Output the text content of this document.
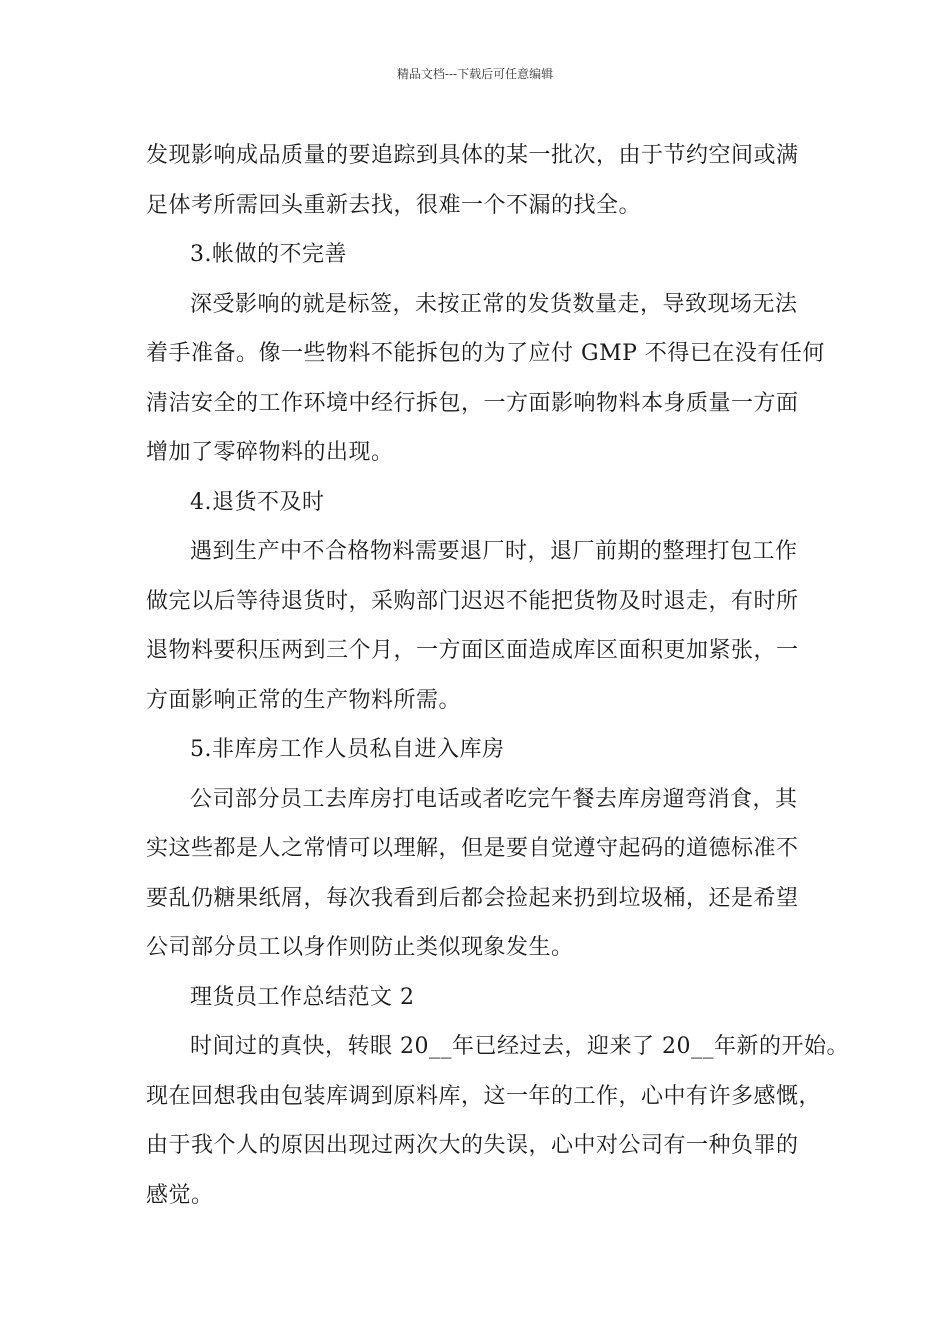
精品文档---下载后可任意编辑

发现影响成品质量的要追踪到具体的某一批次，由于节约空间或满

足体考所需回头重新去找，很难一个不漏的找全。

3.帐做的不完善

深受影响的就是标签，未按正常的发货数量走，导致现场无法

着手准备。像一些物料不能拆包的为了应付 GMP 不得已在没有任何

清洁安全的工作环境中经行拆包，一方面影响物料本身质量一方面

增加了零碎物料的出现。

4.退货不及时

遇到生产中不合格物料需要退厂时，退厂前期的整理打包工作

做完以后等待退货时，采购部门迟迟不能把货物及时退走，有时所

退物料要积压两到三个月，一方面区面造成库区面积更加紧张，一

方面影响正常的生产物料所需。

5.非库房工作人员私自进入库房

公司部分员工去库房打电话或者吃完午餐去库房遛弯消食，其

实这些都是人之常情可以理解，但是要自觉遵守起码的道德标准不

要乱仍糖果纸屑，每次我看到后都会捡起来扔到垃圾桶，还是希望

公司部分员工以身作则防止类似现象发生。

理货员工作总结范文 2

时间过的真快，转眼 20__年已经过去，迎来了 20__年新的开始。

现在回想我由包装库调到原料库，这一年的工作，心中有许多感慨，

由于我个人的原因出现过两次大的失误，心中对公司有一种负罪的

感觉。
